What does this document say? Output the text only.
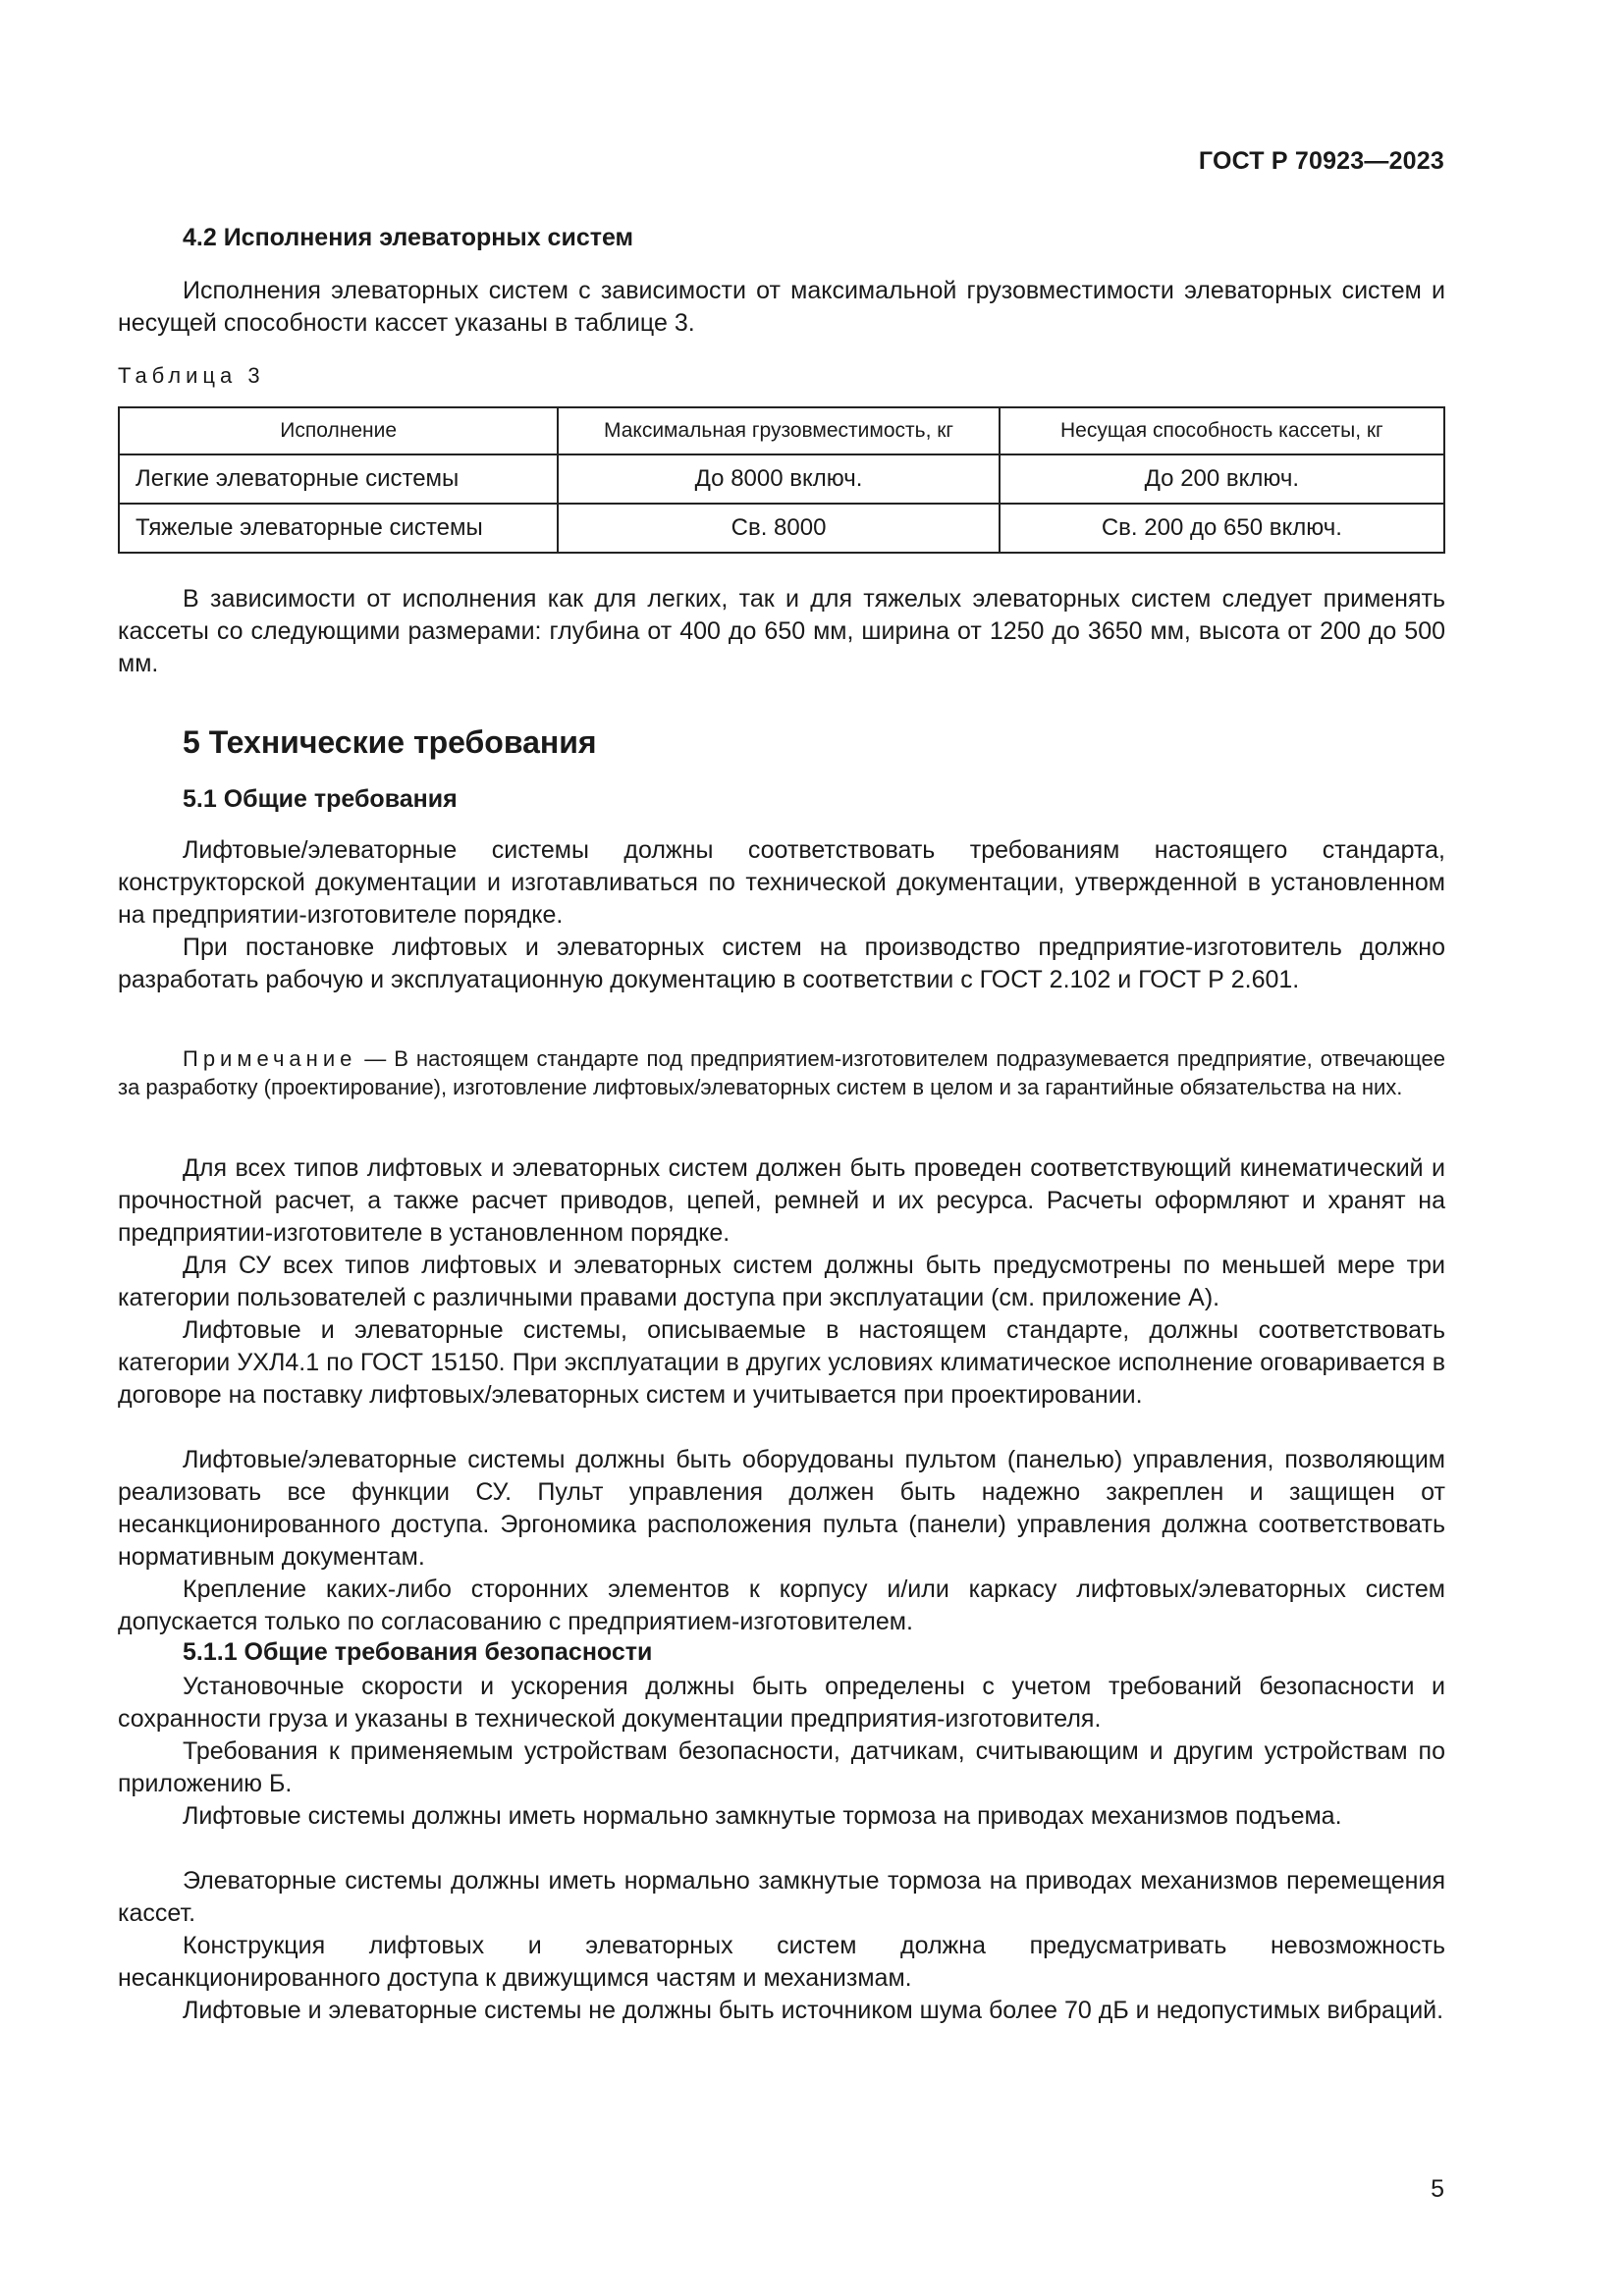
ГОСТ Р 70923—2023
4.2 Исполнения элеваторных систем
Исполнения элеваторных систем с зависимости от максимальной грузовместимости элеваторных систем и несущей способности кассет указаны в таблице 3.
Таблица 3
Исполнение	Максимальная грузовместимость, кг	Несущая способность кассеты, кг
Легкие элеваторные системы	До 8000 включ.	До 200 включ.
Тяжелые элеваторные системы	Св. 8000	Св. 200 до 650 включ.
В зависимости от исполнения как для легких, так и для тяжелых элеваторных систем следует применять кассеты со следующими размерами: глубина от 400 до 650 мм, ширина от 1250 до 3650 мм, высота от 200 до 500 мм.
5 Технические требования
5.1 Общие требования
Лифтовые/элеваторные системы должны соответствовать требованиям настоящего стандарта, конструкторской документации и изготавливаться по технической документации, утвержденной в установленном на предприятии-изготовителе порядке.
При постановке лифтовых и элеваторных систем на производство предприятие-изготовитель должно разработать рабочую и эксплуатационную документацию в соответствии с ГОСТ 2.102 и ГОСТ Р 2.601.
Примечание — В настоящем стандарте под предприятием-изготовителем подразумевается предприятие, отвечающее за разработку (проектирование), изготовление лифтовых/элеваторных систем в целом и за гарантийные обязательства на них.
Для всех типов лифтовых и элеваторных систем должен быть проведен соответствующий кинематический и прочностной расчет, а также расчет приводов, цепей, ремней и их ресурса. Расчеты оформляют и хранят на предприятии-изготовителе в установленном порядке.
Для СУ всех типов лифтовых и элеваторных систем должны быть предусмотрены по меньшей мере три категории пользователей с различными правами доступа при эксплуатации (см. приложение А).
Лифтовые и элеваторные системы, описываемые в настоящем стандарте, должны соответствовать категории УХЛ4.1 по ГОСТ 15150. При эксплуатации в других условиях климатическое исполнение оговаривается в договоре на поставку лифтовых/элеваторных систем и учитывается при проектировании.
Лифтовые/элеваторные системы должны быть оборудованы пультом (панелью) управления, позволяющим реализовать все функции СУ. Пульт управления должен быть надежно закреплен и защищен от несанкционированного доступа. Эргономика расположения пульта (панели) управления должна соответствовать нормативным документам.
Крепление каких-либо сторонних элементов к корпусу и/или каркасу лифтовых/элеваторных систем допускается только по согласованию с предприятием-изготовителем.
5.1.1 Общие требования безопасности
Установочные скорости и ускорения должны быть определены с учетом требований безопасности и сохранности груза и указаны в технической документации предприятия-изготовителя.
Требования к применяемым устройствам безопасности, датчикам, считывающим и другим устройствам по приложению Б.
Лифтовые системы должны иметь нормально замкнутые тормоза на приводах механизмов подъема.
Элеваторные системы должны иметь нормально замкнутые тормоза на приводах механизмов перемещения кассет.
Конструкция лифтовых и элеваторных систем должна предусматривать невозможность несанкционированного доступа к движущимся частям и механизмам.
Лифтовые и элеваторные системы не должны быть источником шума более 70 дБ и недопустимых вибраций.
5
